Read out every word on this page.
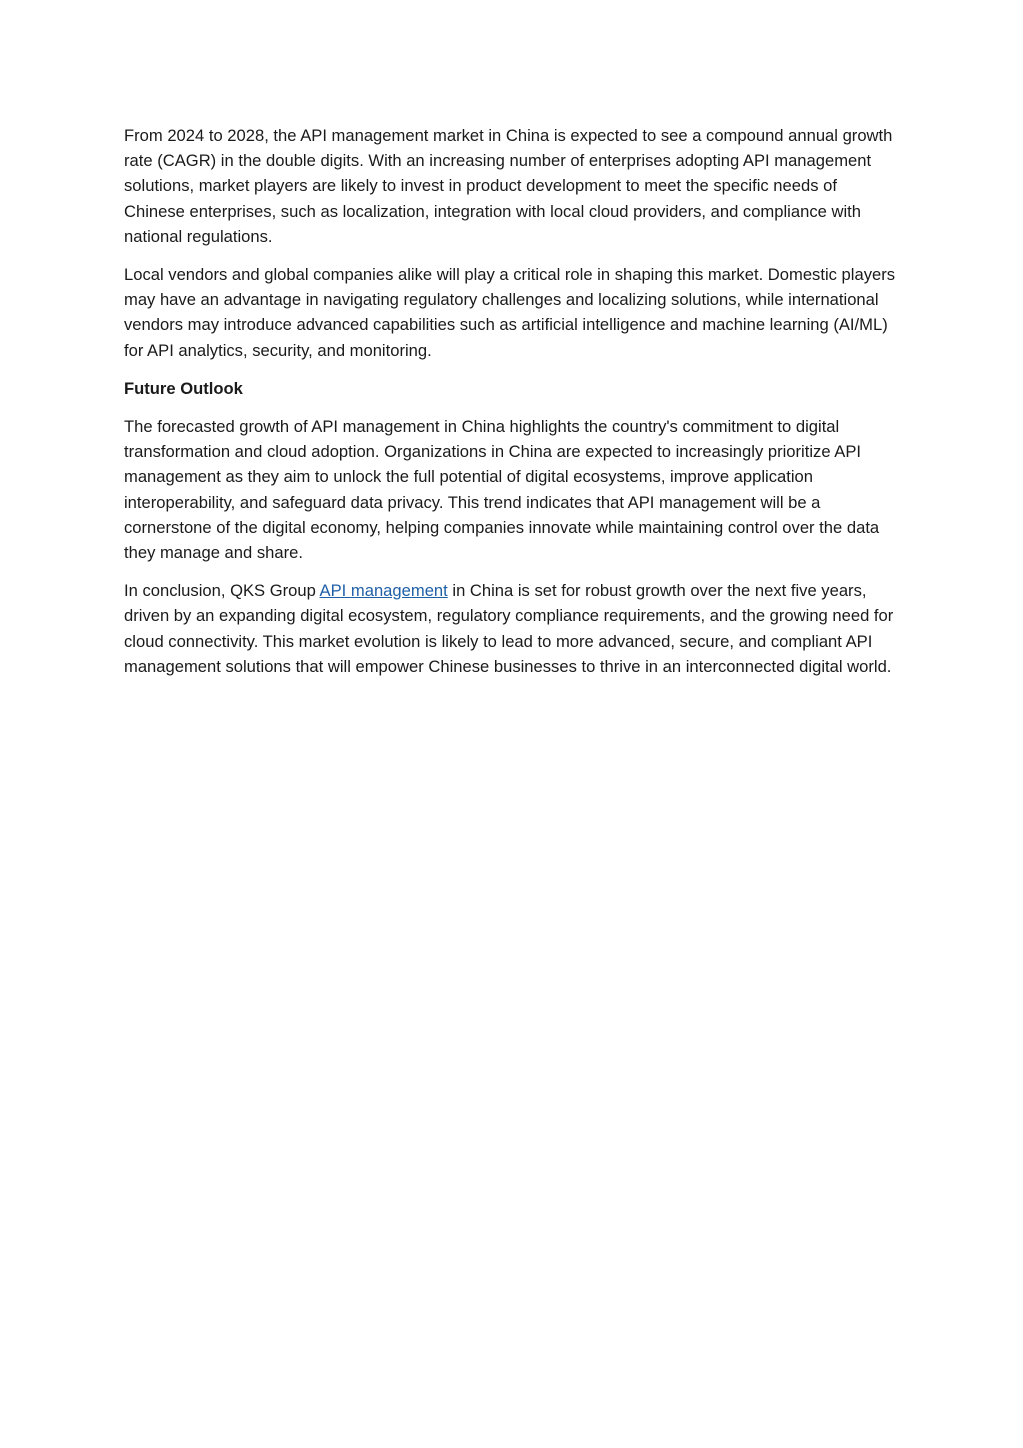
From 2024 to 2028, the API management market in China is expected to see a compound annual growth rate (CAGR) in the double digits. With an increasing number of enterprises adopting API management solutions, market players are likely to invest in product development to meet the specific needs of Chinese enterprises, such as localization, integration with local cloud providers, and compliance with national regulations.

Local vendors and global companies alike will play a critical role in shaping this market. Domestic players may have an advantage in navigating regulatory challenges and localizing solutions, while international vendors may introduce advanced capabilities such as artificial intelligence and machine learning (AI/ML) for API analytics, security, and monitoring.

Future Outlook

The forecasted growth of API management in China highlights the country's commitment to digital transformation and cloud adoption. Organizations in China are expected to increasingly prioritize API management as they aim to unlock the full potential of digital ecosystems, improve application interoperability, and safeguard data privacy. This trend indicates that API management will be a cornerstone of the digital economy, helping companies innovate while maintaining control over the data they manage and share.

In conclusion, QKS Group API management in China is set for robust growth over the next five years, driven by an expanding digital ecosystem, regulatory compliance requirements, and the growing need for cloud connectivity. This market evolution is likely to lead to more advanced, secure, and compliant API management solutions that will empower Chinese businesses to thrive in an interconnected digital world.
